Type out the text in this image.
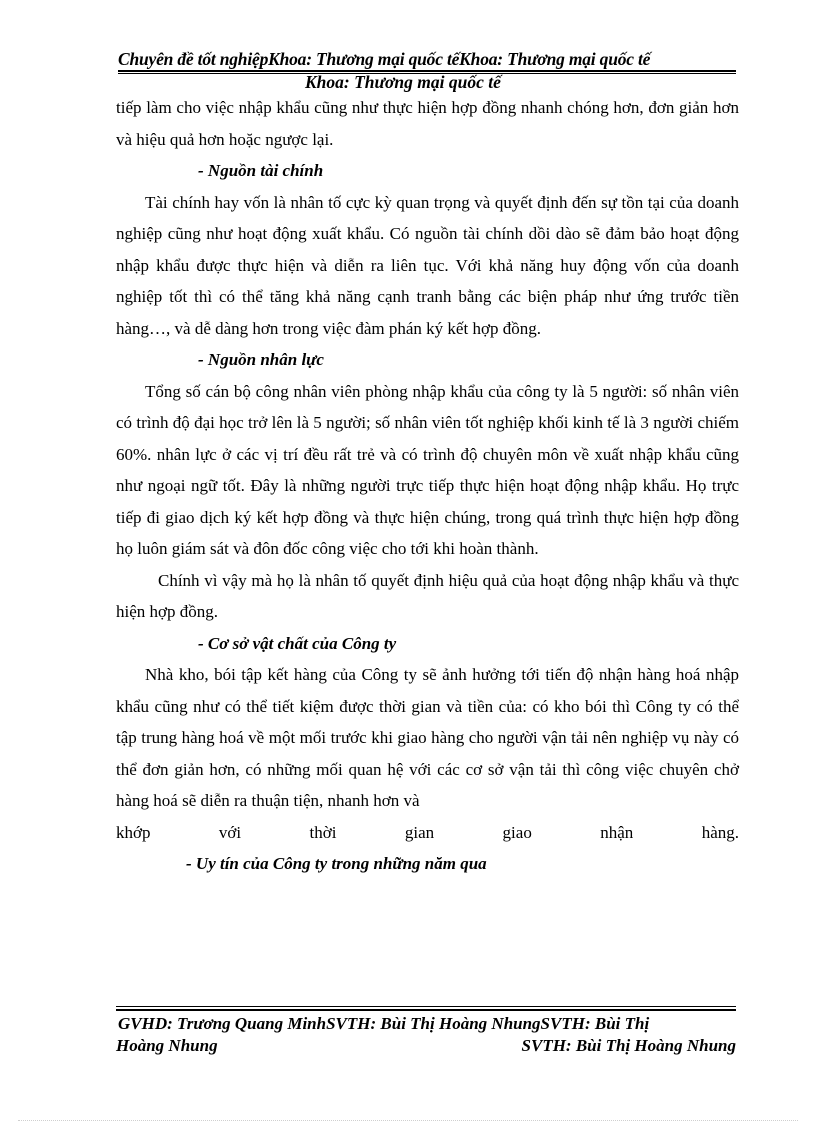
Chuyên đề tốt nghiệpKhoa: Thương mại quốc tếKhoa: Thương mại quốc tế
Khoa: Thương mại quốc tế

tiếp làm cho việc nhập khẩu cũng như thực hiện hợp đồng nhanh chóng hơn, đơn giản hơn và hiệu quả hơn hoặc ngược lại.

- Nguồn tài chính

Tài chính hay vốn là nhân tố cực kỳ quan trọng và quyết định đến sự tồn tại của doanh nghiệp cũng như hoạt động xuất khẩu. Có nguồn tài chính dồi dào sẽ đảm bảo hoạt động nhập khẩu được thực hiện và diễn ra liên tục. Với khả năng huy động vốn của doanh nghiệp tốt thì có thể tăng khả năng cạnh tranh bằng các biện pháp như ứng trước tiền hàng…, và dễ dàng hơn trong việc đàm phán ký kết hợp đồng.

- Nguồn nhân lực

Tổng số cán bộ công nhân viên phòng nhập khẩu của công ty là 5 người: số nhân viên có trình độ đại học trở lên là 5 người; số nhân viên tốt nghiệp khối kinh tế là 3 người chiếm 60%. nhân lực ở các vị trí đều rất trẻ và có trình độ chuyên môn về xuất nhập khẩu cũng như ngoại ngữ tốt. Đây là những người trực tiếp thực hiện hoạt động nhập khẩu. Họ trực tiếp đi giao dịch ký kết hợp đồng và thực hiện chúng, trong quá trình thực hiện hợp đồng họ luôn giám sát và đôn đốc công việc cho tới khi hoàn thành.

Chính vì vậy mà họ là nhân tố quyết định hiệu quả của hoạt động nhập khẩu và thực hiện hợp đồng.

- Cơ sở vật chất của Công ty

Nhà kho, bói tập kết hàng của Công ty sẽ ảnh hưởng tới tiến độ nhận hàng hoá nhập khẩu cũng như có thể tiết kiệm được thời gian và tiền của: có kho bói thì Công ty có thể tập trung hàng hoá về một mối trước khi giao hàng cho người vận tải nên nghiệp vụ này có thể đơn giản hơn, có những mối quan hệ với các cơ sở vận tải thì công việc chuyên chở hàng hoá sẽ diễn ra thuận tiện, nhanh hơn và

khớp với thời gian giao nhận hàng.

- Uy tín của Công ty trong những năm qua

GVHD: Trương Quang MinhSVTH: Bùi Thị Hoàng NhungSVTH: Bùi Thị
Hoàng Nhung	SVTH: Bùi Thị Hoàng Nhung
